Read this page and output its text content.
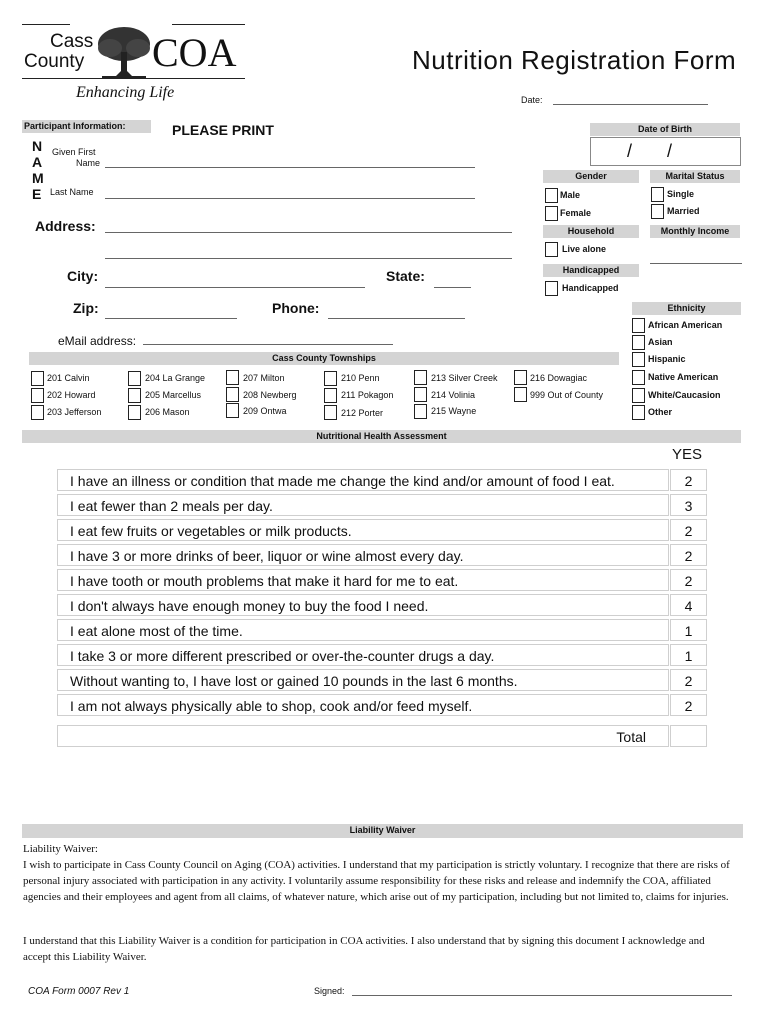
Cass
County COA
Enhancing Life
Nutrition Registration Form
Date:
Participant Information:	PLEASE PRINT
N
A
M
E
Given First
Name
Last Name
Address:
City:	State:
Zip:	Phone:
eMail address:
Date of Birth
/ /
Gender	Marital Status
Male
Female
Single
Married
Household	Monthly Income
Live alone
Handicapped
Handicapped
Ethnicity
African American
Asian
Hispanic
Native American
White/Caucasion
Other
Cass County Townships
201 Calvin
202 Howard
203 Jefferson
204 La Grange
205 Marcellus
206 Mason
207 Milton
208 Newberg
209 Ontwa
210 Penn
211 Pokagon
212 Porter
213 Silver Creek
214 Volinia
215 Wayne
216 Dowagiac
999 Out of County
Nutritional Health Assessment
YES
I have an illness or condition that made me change the kind and/or amount of food I eat.	2
I eat fewer than 2 meals per day.	3
I eat few fruits or vegetables or milk products.	2
I have 3 or more drinks of beer, liquor or wine almost every day.	2
I have tooth or mouth problems that make it hard for me to eat.	2
I don't always have enough money to buy the food I need.	4
I eat alone most of the time.	1
I take 3 or more different prescribed or over-the-counter drugs a day.	1
Without wanting to, I have lost or gained 10 pounds in the last 6 months.	2
I am not always physically able to shop, cook and/or feed myself.	2
Total
Liability Waiver
Liability Waiver:
I wish to participate in Cass County Council on Aging (COA) activities. I understand that my participation is strictly voluntary. I recognize that there are risks of personal injury associated with participation in any activity. I voluntarily assume responsibility for these risks and release and indemnify the COA, affiliated agencies and their employees and agent from all claims, of whatever nature, which arise out of my participation, including but not limited to, claims for injuries.
I understand that this Liability Waiver is a condition for participation in COA activities. I also understand that by signing this document I acknowledge and accept this Liability Waiver.
COA Form 0007 Rev 1	Signed:
